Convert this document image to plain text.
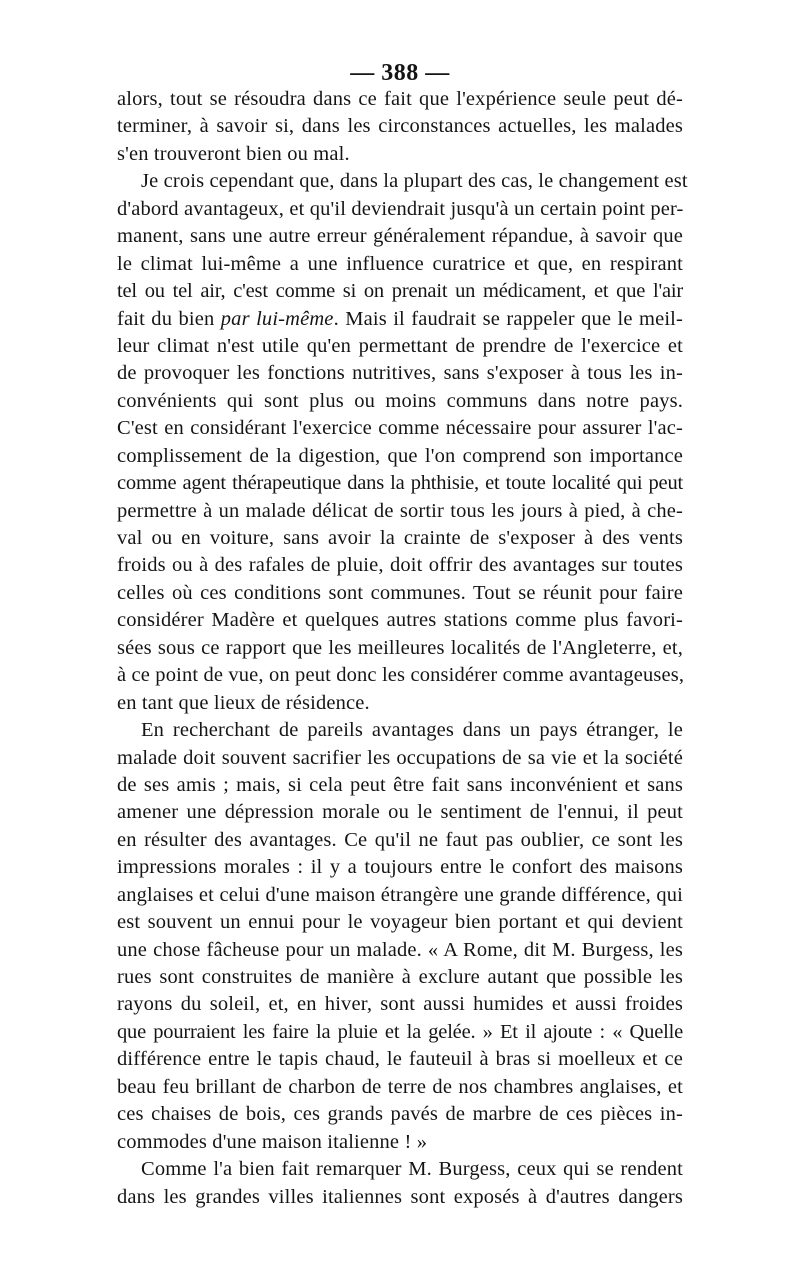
— 388 —
alors, tout se résoudra dans ce fait que l'expérience seule peut dé-
terminer, à savoir si, dans les circonstances actuelles, les malades
s'en trouveront bien ou mal.
Je crois cependant que, dans la plupart des cas, le changement est
d'abord avantageux, et qu'il deviendrait jusqu'à un certain point per-
manent, sans une autre erreur généralement répandue, à savoir que
le climat lui-même a une influence curatrice et que, en respirant
tel ou tel air, c'est comme si on prenait un médicament, et que l'air
fait du bien par lui-même. Mais il faudrait se rappeler que le meil-
leur climat n'est utile qu'en permettant de prendre de l'exercice et
de provoquer les fonctions nutritives, sans s'exposer à tous les in-
convénients qui sont plus ou moins communs dans notre pays.
C'est en considérant l'exercice comme nécessaire pour assurer l'ac-
complissement de la digestion, que l'on comprend son importance
comme agent thérapeutique dans la phthisie, et toute localité qui peut
permettre à un malade délicat de sortir tous les jours à pied, à che-
val ou en voiture, sans avoir la crainte de s'exposer à des vents
froids ou à des rafales de pluie, doit offrir des avantages sur toutes
celles où ces conditions sont communes. Tout se réunit pour faire
considérer Madère et quelques autres stations comme plus favori-
sées sous ce rapport que les meilleures localités de l'Angleterre, et,
à ce point de vue, on peut donc les considérer comme avantageuses,
en tant que lieux de résidence.
En recherchant de pareils avantages dans un pays étranger, le
malade doit souvent sacrifier les occupations de sa vie et la société
de ses amis ; mais, si cela peut être fait sans inconvénient et sans
amener une dépression morale ou le sentiment de l'ennui, il peut
en résulter des avantages. Ce qu'il ne faut pas oublier, ce sont les
impressions morales : il y a toujours entre le confort des maisons
anglaises et celui d'une maison étrangère une grande différence, qui
est souvent un ennui pour le voyageur bien portant et qui devient
une chose fâcheuse pour un malade. « A Rome, dit M. Burgess, les
rues sont construites de manière à exclure autant que possible les
rayons du soleil, et, en hiver, sont aussi humides et aussi froides
que pourraient les faire la pluie et la gelée. » Et il ajoute : « Quelle
différence entre le tapis chaud, le fauteuil à bras si moelleux et ce
beau feu brillant de charbon de terre de nos chambres anglaises, et
ces chaises de bois, ces grands pavés de marbre de ces pièces in-
commodes d'une maison italienne ! »
Comme l'a bien fait remarquer M. Burgess, ceux qui se rendent
dans les grandes villes italiennes sont exposés à d'autres dangers
